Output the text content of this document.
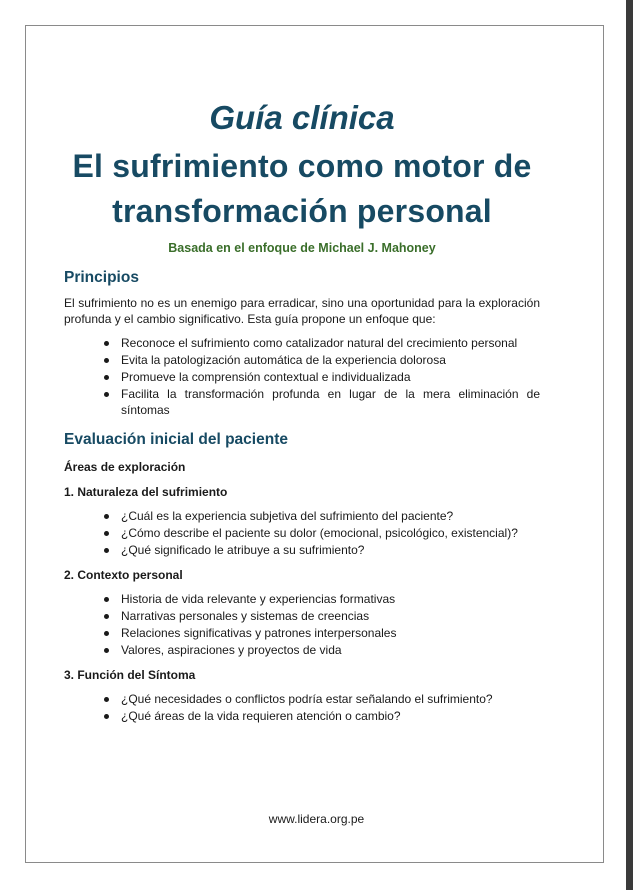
Guía clínica
El sufrimiento como motor de transformación personal

Basada en el enfoque de Michael J. Mahoney

Principios

El sufrimiento no es un enemigo para erradicar, sino una oportunidad para la exploración profunda y el cambio significativo. Esta guía propone un enfoque que:

Reconoce el sufrimiento como catalizador natural del crecimiento personal
Evita la patologización automática de la experiencia dolorosa
Promueve la comprensión contextual e individualizada
Facilita la transformación profunda en lugar de la mera eliminación de síntomas
Evaluación inicial del paciente

Áreas de exploración

1. Naturaleza del sufrimiento

¿Cuál es la experiencia subjetiva del sufrimiento del paciente?
¿Cómo describe el paciente su dolor (emocional, psicológico, existencial)?
¿Qué significado le atribuye a su sufrimiento?

2. Contexto personal

Historia de vida relevante y experiencias formativas
Narrativas personales y sistemas de creencias
Relaciones significativas y patrones interpersonales
Valores, aspiraciones y proyectos de vida

3. Función del Síntoma

¿Qué necesidades o conflictos podría estar señalando el sufrimiento?
¿Qué áreas de la vida requieren atención o cambio?
www.lidera.org.pe
